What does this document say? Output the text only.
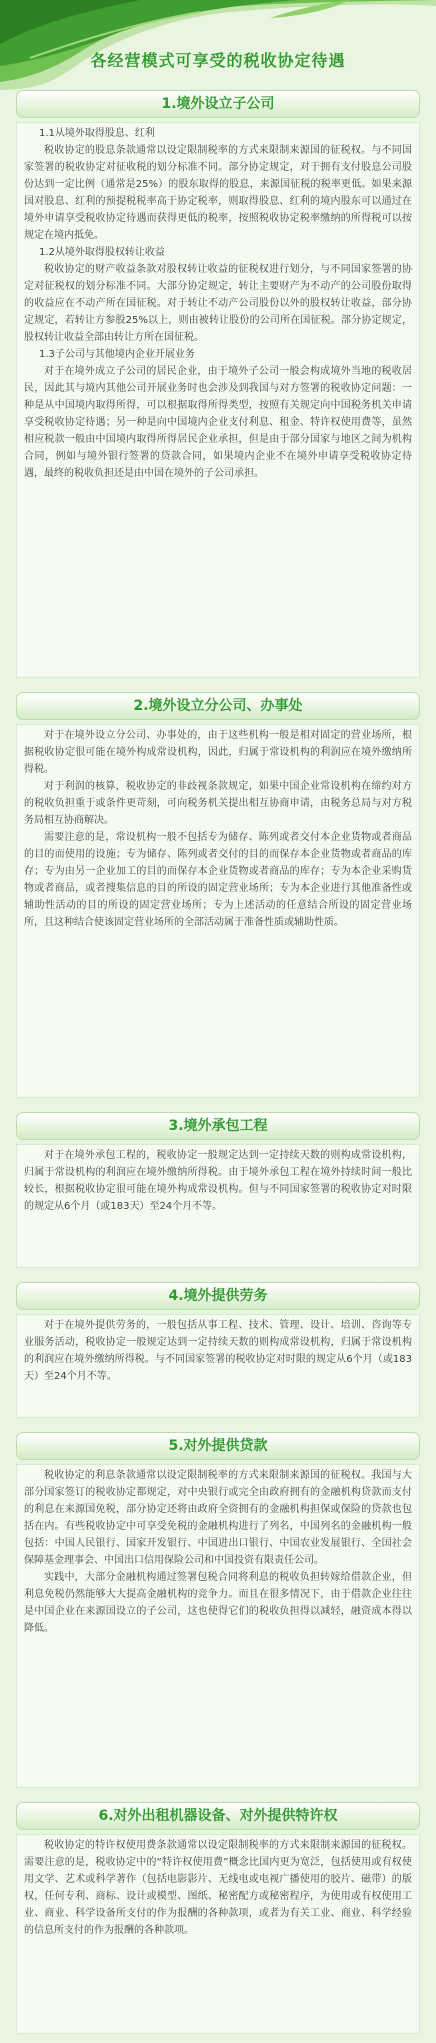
各经营模式可享受的税收协定待遇
1.境外设立子公司

1.1从境外取得股息、红利

税收协定的股息条款通常以设定限制税率的方式来限制来源国的征税权。与不同国家签署的税收协定对征收税的划分标准不同。部分协定规定，对于拥有支付股息公司股份达到一定比例（通常是25%）的股东取得的股息，来源国征税的税率更低。如果来源国对股息、红利的预提税税率高于协定税率，则取得股息、红利的境内股东可以通过在境外申请享受税收协定待遇而获得更低的税率，按照税收协定税率缴纳的所得税可以按规定在境内抵免。

1.2从境外取得股权转让收益

税收协定的财产收益条款对股权转让收益的征税权进行划分，与不同国家签署的协定对征税权的划分标准不同。大部分协定规定，转让主要财产为不动产的公司股份取得的收益应在不动产所在国征税。对于转让不动产公司股份以外的股权转让收益，部分协定规定，若转让方参股25%以上，则由被转让股份的公司所在国征税。部分协定规定，股权转让收益全部由转让方所在国征税。

1.3子公司与其他境内企业开展业务

对于在境外成立子公司的居民企业，由于境外子公司一般会构成境外当地的税收居民，因此其与境内其他公司开展业务时也会涉及到我国与对方签署的税收协定问题：一种是从中国境内取得所得，可以根据取得所得类型，按照有关规定向中国税务机关申请享受税收协定待遇；另一种是向中国境内企业支付利息、租金、特许权使用费等，虽然相应税款一般由中国境内取得所得居民企业承担，但是由于部分国家与地区之间为机构合同，例如与境外银行签署的贷款合同，如果境内企业不在境外申请享受税收协定待遇，最终的税收负担还是由中国在境外的子公司承担。

2.境外设立分公司、办事处

对于在境外设立分公司、办事处的，由于这些机构一般是相对固定的营业场所，根据税收协定很可能在境外构成常设机构，因此，归属于常设机构的利润应在境外缴纳所得税。

对于利润的核算，税收协定的非歧视条款规定，如果中国企业常设机构在缔约对方的税收负担重于或条件更苛刻，可向税务机关提出相互协商申请，由税务总局与对方税务局相互协商解决。

需要注意的是，常设机构一般不包括专为储存、陈列或者交付本企业货物或者商品的目的而使用的设施；专为储存、陈列或者交付的目的而保存本企业货物或者商品的库存；专为由另一企业加工的目的而保存本企业货物或者商品的库存；专为本企业采购货物或者商品，或者搜集信息的目的所设的固定营业场所；专为本企业进行其他准备性或辅助性活动的目的所设的固定营业场所；专为上述活动的任意结合所设的固定营业场所，且这种结合使该固定营业场所的全部活动属于准备性质或辅助性质。

3.境外承包工程

对于在境外承包工程的，税收协定一般规定达到一定持续天数的则构成常设机构，归属于常设机构的利润应在境外缴纳所得税。由于境外承包工程在境外持续时间一般比较长，根据税收协定很可能在境外构成常设机构。但与不同国家签署的税收协定对时限的规定从6个月（或183天）至24个月不等。

4.境外提供劳务

对于在境外提供劳务的，一般包括从事工程、技术、管理、设计、培训、咨询等专业服务活动，税收协定一般规定达到一定持续天数的则构成常设机构，归属于常设机构的利润应在境外缴纳所得税。与不同国家签署的税收协定对时限的规定从6个月（或183天）至24个月不等。

5.对外提供贷款

税收协定的利息条款通常以设定限制税率的方式来限制来源国的征税权。我国与大部分国家签订的税收协定都规定，对中央银行或完全由政府拥有的金融机构贷款而支付的利息在来源国免税，部分协定还将由政府全资拥有的金融机构担保或保险的贷款也包括在内。有些税收协定中可享受免税的金融机构进行了列名，中国列名的金融机构一般包括：中国人民银行、国家开发银行、中国进出口银行、中国农业发展银行、全国社会保障基金理事会、中国出口信用保险公司和中国投资有限责任公司。

实践中，大部分金融机构通过签署包税合同将利息的税收负担转嫁给借款企业，但利息免税仍然能够大大提高金融机构的竞争力。而且在很多情况下，由于借款企业往往是中国企业在来源国设立的子公司，这也使得它们的税收负担得以减轻，融资成本得以降低。

6.对外出租机器设备、对外提供特许权

税收协定的特许权使用费条款通常以设定限制税率的方式来限制来源国的征税权。需要注意的是，税收协定中的“特许权使用费”概念比国内更为宽泛，包括使用或有权使用文学、艺术或科学著作（包括电影影片、无线电或电视广播使用的胶片、磁带）的版权，任何专利、商标、设计或模型、图纸、秘密配方或秘密程序，为使用或有权使用工业、商业、科学设备所支付的作为报酬的各种款项，或者为有关工业、商业、科学经验的信息所支付的作为报酬的各种款项。
